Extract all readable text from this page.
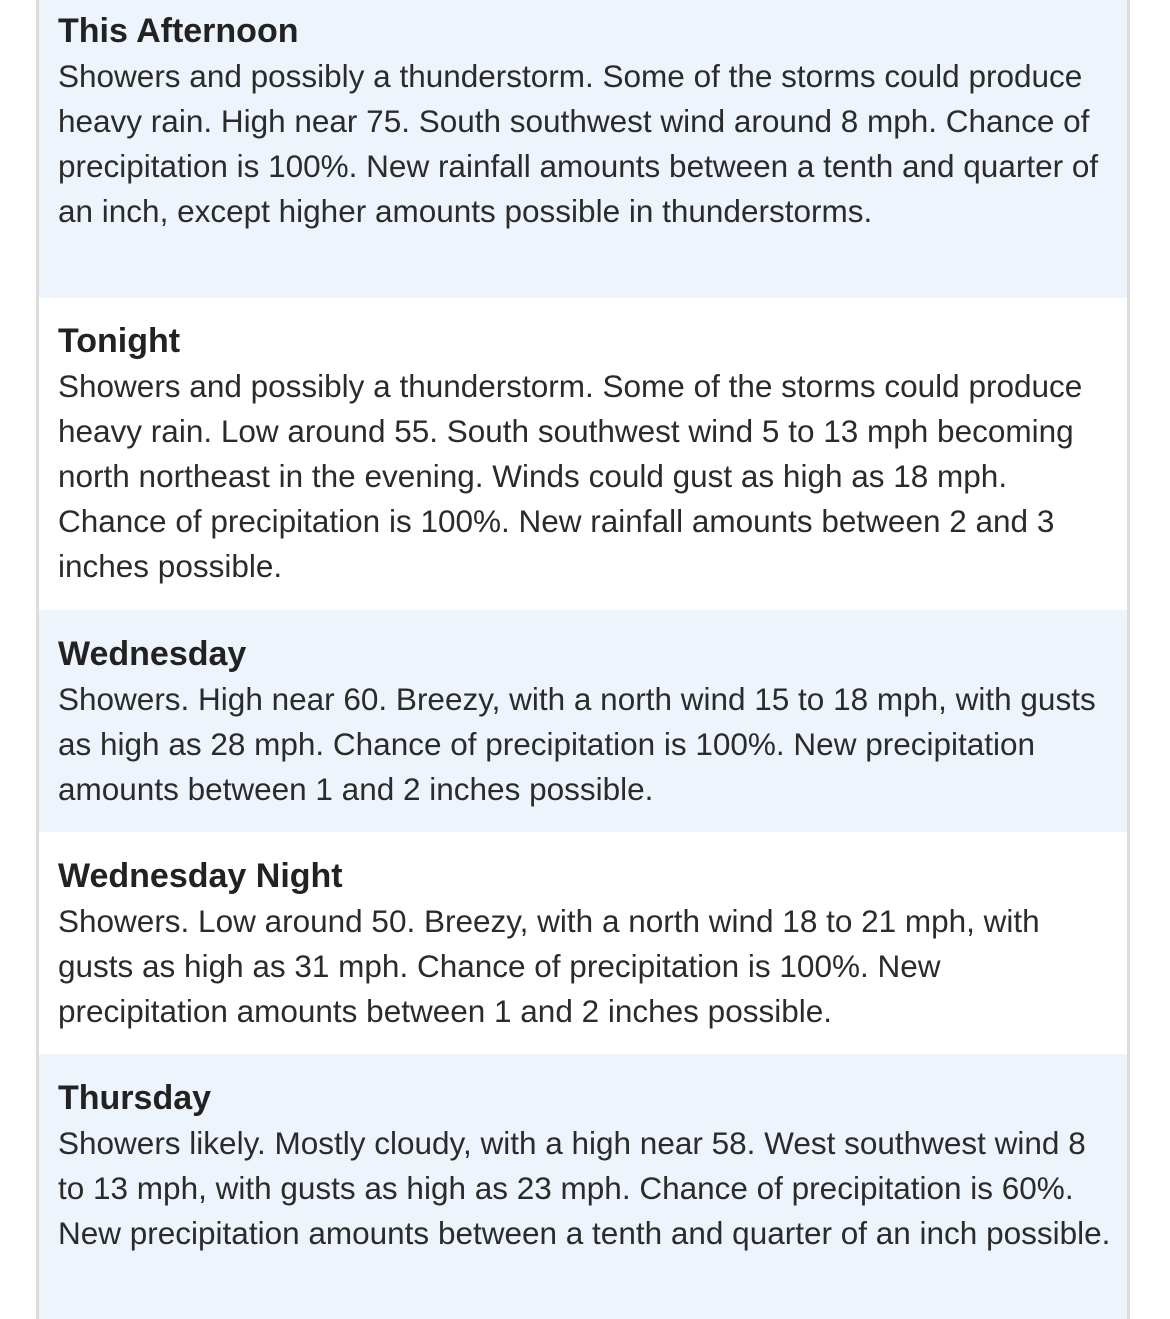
This Afternoon
Showers and possibly a thunderstorm. Some of the storms could produce heavy rain. High near 75. South southwest wind around 8 mph. Chance of precipitation is 100%. New rainfall amounts between a tenth and quarter of an inch, except higher amounts possible in thunderstorms.
Tonight
Showers and possibly a thunderstorm. Some of the storms could produce heavy rain. Low around 55. South southwest wind 5 to 13 mph becoming north northeast in the evening. Winds could gust as high as 18 mph. Chance of precipitation is 100%. New rainfall amounts between 2 and 3 inches possible.
Wednesday
Showers. High near 60. Breezy, with a north wind 15 to 18 mph, with gusts as high as 28 mph. Chance of precipitation is 100%. New precipitation amounts between 1 and 2 inches possible.
Wednesday Night
Showers. Low around 50. Breezy, with a north wind 18 to 21 mph, with gusts as high as 31 mph. Chance of precipitation is 100%. New precipitation amounts between 1 and 2 inches possible.
Thursday
Showers likely. Mostly cloudy, with a high near 58. West southwest wind 8 to 13 mph, with gusts as high as 23 mph. Chance of precipitation is 60%. New precipitation amounts between a tenth and quarter of an inch possible.
